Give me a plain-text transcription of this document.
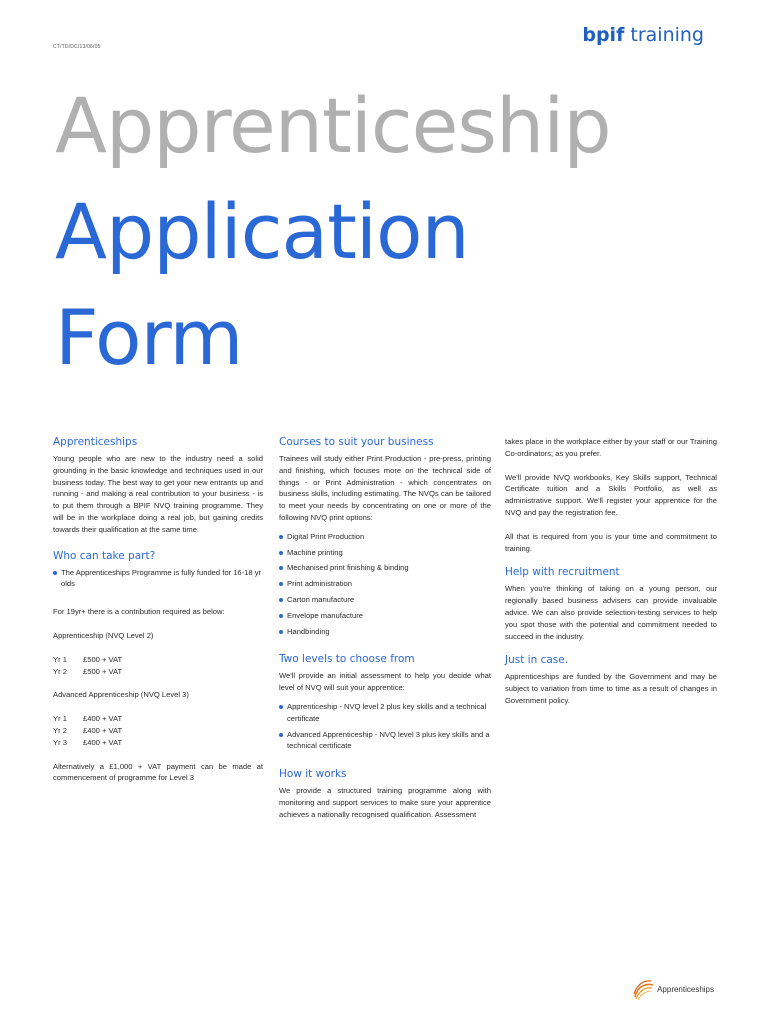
CT/TD/DC/13/06/05
bpif training
Apprenticeship
Application
Form
Apprenticeships

Young people who are new to the industry need a solid grounding in the basic knowledge and techniques used in our business today. The best way to get your new entrants up and running - and making a real contribution to your business - is to put them through a BPIF NVQ training programme. They will be in the workplace doing a real job, but gaining credits towards their qualification at the same time.

Who can take part?
The Apprenticeships Programme is fully funded for 16-18 yr olds

For 19yr+ there is a contribution required as below:

Apprenticeship (NVQ Level 2)

Yr 1	£500 + VAT
Yr 2	£500 + VAT

Advanced Apprenticeship (NVQ Level 3)

Yr 1	£400 + VAT
Yr 2	£400 + VAT
Yr 3	£400 + VAT

Alternatively a £1,000 + VAT payment can be made at commencement of programme for Level 3

Courses to suit your business

Trainees will study either Print Production - pre-press, printing and finishing, which focuses more on the technical side of things - or Print Administration - which concentrates on business skills, including estimating. The NVQs can be tailored to meet your needs by concentrating on one or more of the following NVQ print options:

Digital Print Production
Machine printing
Mechanised print finishing & binding
Print administration
Carton manufacture
Envelope manufacture
Handbinding
Two levels to choose from

We'll provide an initial assessment to help you decide what level of NVQ will suit your apprentice:

Apprenticeship - NVQ level 2 plus key skills and a technical certificate
Advanced Apprenticeship - NVQ level 3 plus key skills and a technical certificate
How it works

We provide a structured training programme along with monitoring and support services to make sure your apprentice achieves a nationally recognised qualification. Assessment

takes place in the workplace either by your staff or our Training Co-ordinators; as you prefer.

We'll provide NVQ workbooks, Key Skills support, Technical Certificate tuition and a Skills Portfolio, as well as administrative support. We'll register your apprentice for the NVQ and pay the registration fee.

All that is required from you is your time and commitment to training.

Help with recruitment

When you're thinking of taking on a young person, our regionally based business advisers can provide invaluable advice. We can also provide selection-testing services to help you spot those with the potential and commitment needed to succeed in the industry.

Just in case.

Apprenticeships are funded by the Government and may be subject to variation from time to time as a result of changes in Government policy.

Apprenticeships
